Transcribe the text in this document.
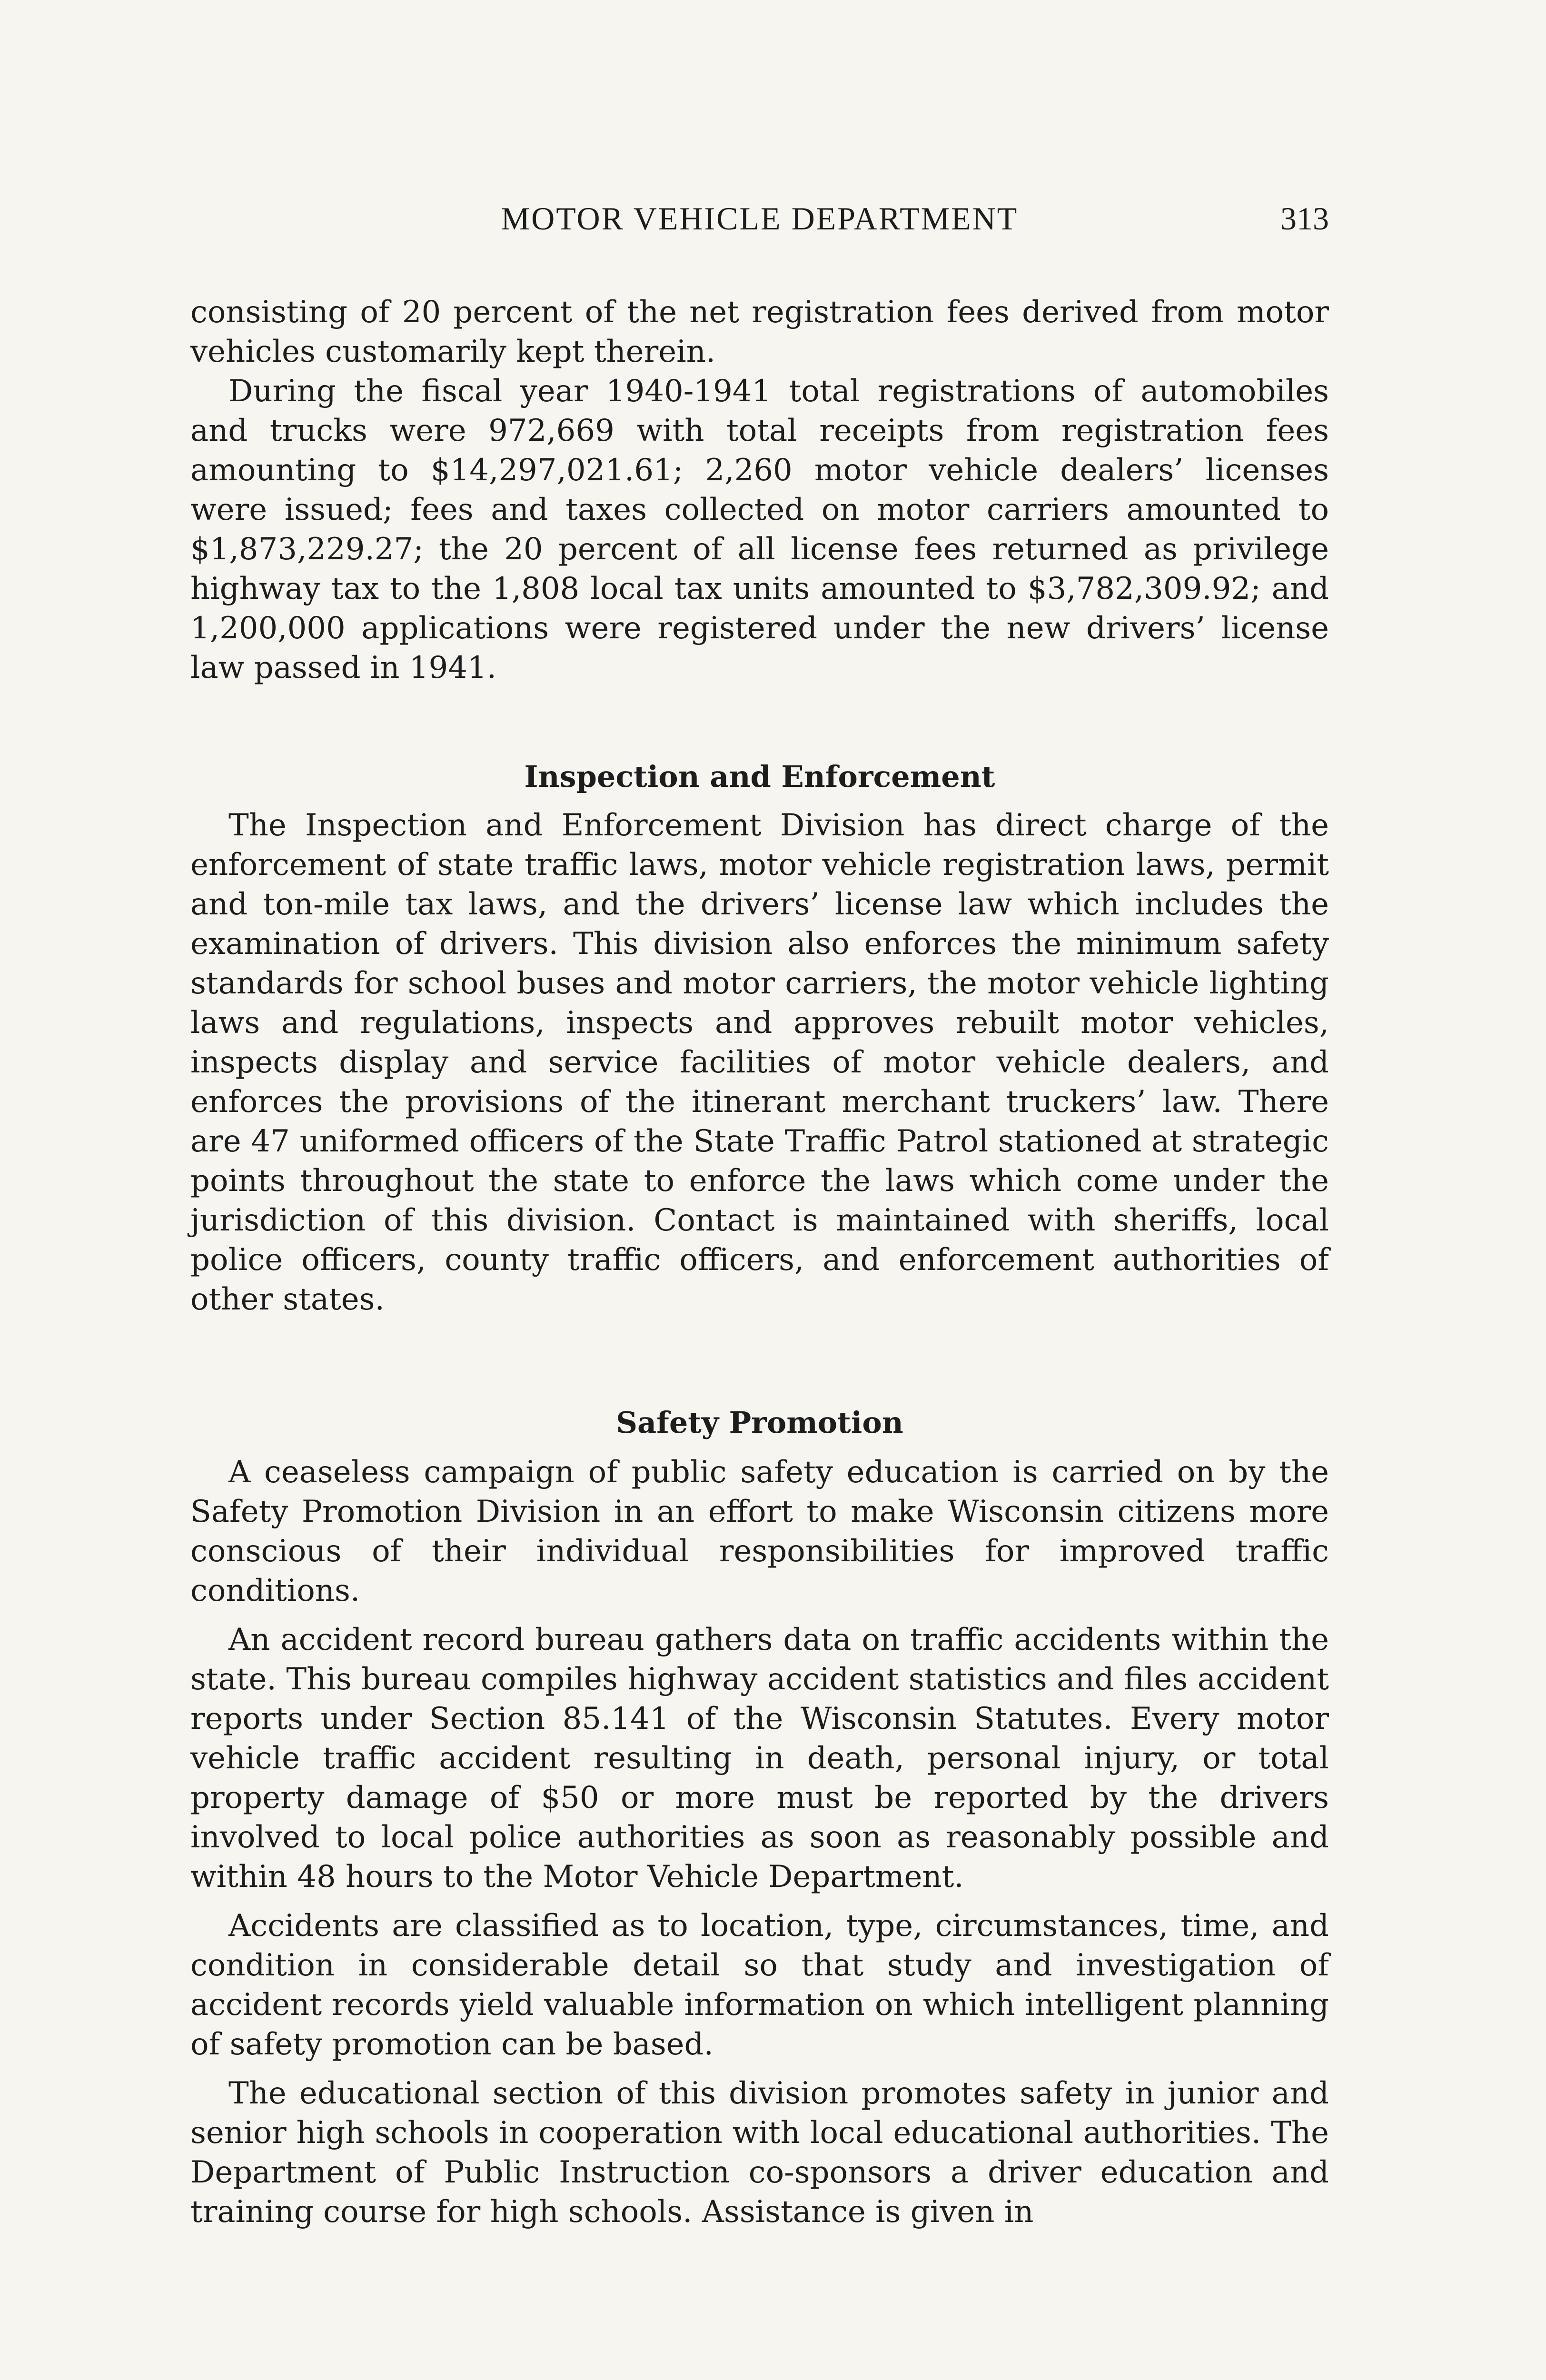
MOTOR VEHICLE DEPARTMENT	313

consisting of 20 percent of the net registration fees derived from motor vehicles customarily kept therein.

During the fiscal year 1940-1941 total registrations of automobiles and trucks were 972,669 with total receipts from registration fees amounting to $14,297,021.61; 2,260 motor vehicle dealers’ licenses were issued; fees and taxes collected on motor carriers amounted to $1,873,229.27; the 20 percent of all license fees returned as privilege highway tax to the 1,808 local tax units amounted to $3,782,309.92; and 1,200,000 applications were registered under the new drivers’ license law passed in 1941.

Inspection and Enforcement

The Inspection and Enforcement Division has direct charge of the enforcement of state traffic laws, motor vehicle registration laws, permit and ton-mile tax laws, and the drivers’ license law which includes the examination of drivers. This division also enforces the minimum safety standards for school buses and motor carriers, the motor vehicle lighting laws and regulations, inspects and approves rebuilt motor vehicles, inspects display and service facilities of motor vehicle dealers, and enforces the provisions of the itinerant merchant truckers’ law. There are 47 uniformed officers of the State Traffic Patrol stationed at strategic points throughout the state to enforce the laws which come under the jurisdiction of this division. Contact is maintained with sheriffs, local police officers, county traffic officers, and enforcement authorities of other states.

Safety Promotion

A ceaseless campaign of public safety education is carried on by the Safety Promotion Division in an effort to make Wisconsin citizens more conscious of their individual responsibilities for improved traffic conditions.

An accident record bureau gathers data on traffic accidents within the state. This bureau compiles highway accident statistics and files accident reports under Section 85.141 of the Wisconsin Statutes. Every motor vehicle traffic accident resulting in death, personal injury, or total property damage of $50 or more must be reported by the drivers involved to local police authorities as soon as reasonably possible and within 48 hours to the Motor Vehicle Department.

Accidents are classified as to location, type, circumstances, time, and condition in considerable detail so that study and investigation of accident records yield valuable information on which intelligent planning of safety promotion can be based.

The educational section of this division promotes safety in junior and senior high schools in cooperation with local educational authorities. The Department of Public Instruction co-sponsors a driver education and training course for high schools. Assistance is given in
